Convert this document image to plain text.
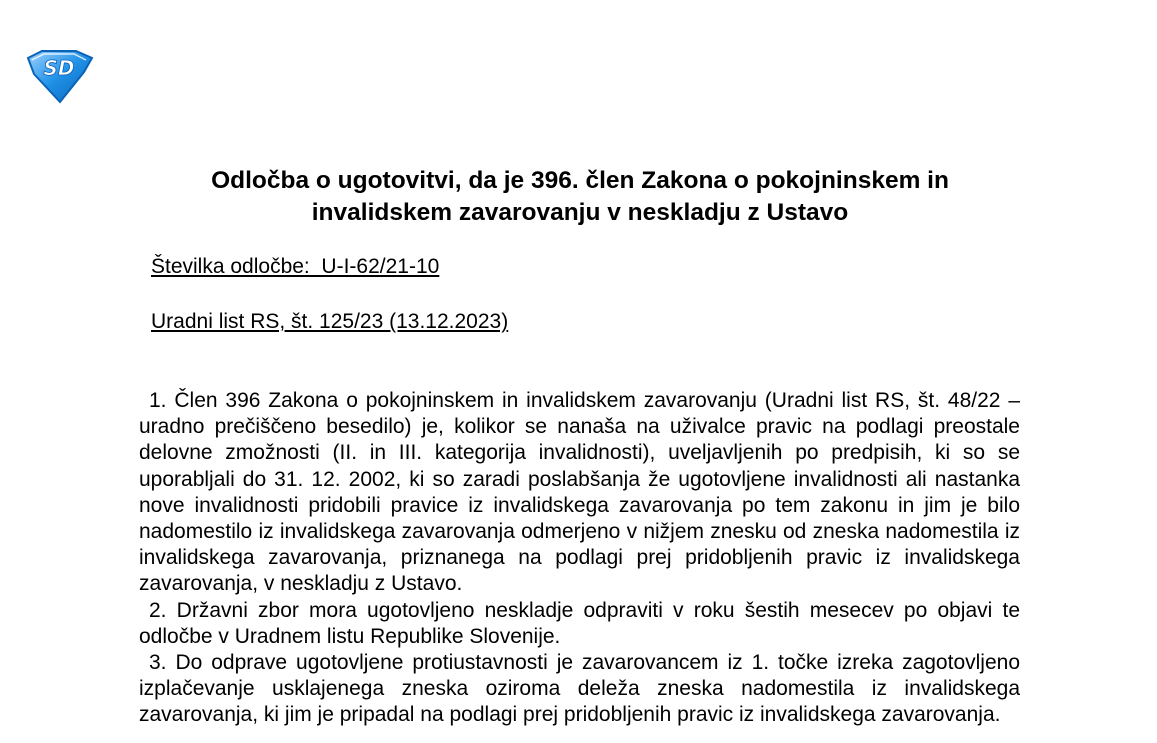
SD
Odločba o ugotovitvi, da je 396. člen Zakona o pokojninskem in invalidskem zavarovanju v neskladju z Ustavo
Številka odločbe:  U-I-62/21-10
Uradni list RS, št. 125/23 (13.12.2023)

1. Člen 396 Zakona o pokojninskem in invalidskem zavarovanju (Uradni list RS, št. 48/22 – uradno prečiščeno besedilo) je, kolikor se nanaša na uživalce pravic na podlagi preostale delovne zmožnosti (II. in III. kategorija invalidnosti), uveljavljenih po predpisih, ki so se uporabljali do 31. 12. 2002, ki so zaradi poslabšanja že ugotovljene invalidnosti ali nastanka nove invalidnosti pridobili pravice iz invalidskega zavarovanja po tem zakonu in jim je bilo nadomestilo iz invalidskega zavarovanja odmerjeno v nižjem znesku od zneska nadomestila iz invalidskega zavarovanja, priznanega na podlagi prej pridobljenih pravic iz invalidskega zavarovanja, v neskladju z Ustavo.

2. Državni zbor mora ugotovljeno neskladje odpraviti v roku šestih mesecev po objavi te odločbe v Uradnem listu Republike Slovenije.

3. Do odprave ugotovljene protiustavnosti je zavarovancem iz 1. točke izreka zagotovljeno izplačevanje usklajenega zneska oziroma deleža zneska nadomestila iz invalidskega zavarovanja, ki jim je pripadal na podlagi prej pridobljenih pravic iz invalidskega zavarovanja.
